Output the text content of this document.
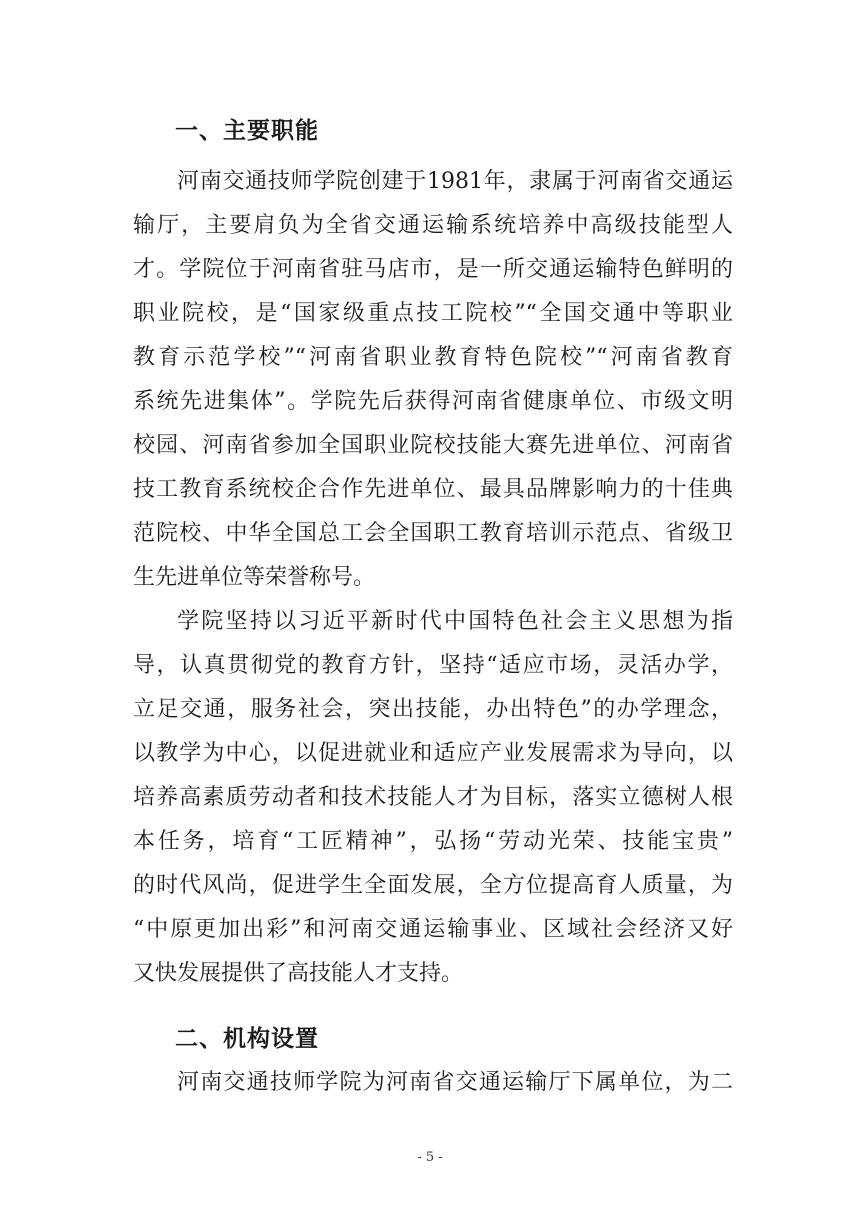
一、主要职能

河南交通技师学院创建于1981年，隶属于河南省交通运

输厅，主要肩负为全省交通运输系统培养中高级技能型人

才。学院位于河南省驻马店市，是一所交通运输特色鲜明的

职业院校，是“国家级重点技工院校”“全国交通中等职业

教育示范学校”“河南省职业教育特色院校”“河南省教育

系统先进集体”。学院先后获得河南省健康单位、市级文明

校园、河南省参加全国职业院校技能大赛先进单位、河南省

技工教育系统校企合作先进单位、最具品牌影响力的十佳典

范院校、中华全国总工会全国职工教育培训示范点、省级卫

生先进单位等荣誉称号。

学院坚持以习近平新时代中国特色社会主义思想为指

导，认真贯彻党的教育方针，坚持“适应市场，灵活办学，

立足交通，服务社会，突出技能，办出特色”的办学理念，

以教学为中心，以促进就业和适应产业发展需求为导向，以

培养高素质劳动者和技术技能人才为目标，落实立德树人根

本任务，培育“工匠精神”，弘扬“劳动光荣、技能宝贵”

的时代风尚，促进学生全面发展，全方位提高育人质量，为

“中原更加出彩”和河南交通运输事业、区域社会经济又好

又快发展提供了高技能人才支持。

二、机构设置

河南交通技师学院为河南省交通运输厅下属单位，为二

- 5 -
